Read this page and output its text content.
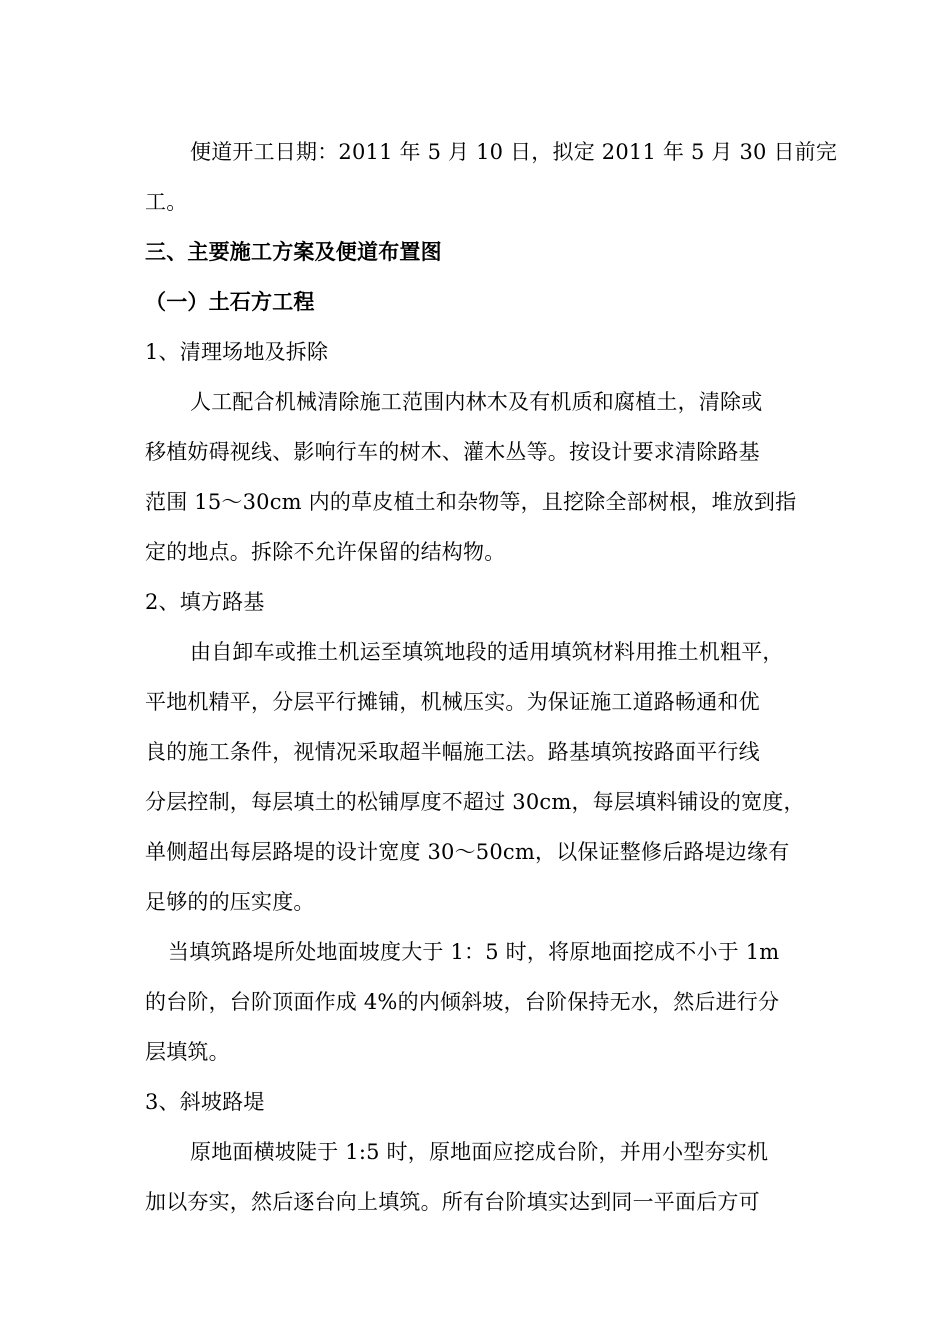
便道开工日期：2011 年 5 月 10 日，拟定 2011 年 5 月 30 日前完
工。
三、主要施工方案及便道布置图
（一）土石方工程
1、清理场地及拆除
人工配合机械清除施工范围内林木及有机质和腐植土，清除或
移植妨碍视线、影响行车的树木、灌木丛等。按设计要求清除路基
范围 15～30cm 内的草皮植土和杂物等，且挖除全部树根，堆放到指
定的地点。拆除不允许保留的结构物。
2、填方路基
由自卸车或推土机运至填筑地段的适用填筑材料用推土机粗平，
平地机精平，分层平行摊铺，机械压实。为保证施工道路畅通和优
良的施工条件，视情况采取超半幅施工法。路基填筑按路面平行线
分层控制，每层填土的松铺厚度不超过 30cm，每层填料铺设的宽度，
单侧超出每层路堤的设计宽度 30～50cm，以保证整修后路堤边缘有
足够的的压实度。
当填筑路堤所处地面坡度大于 1：5 时，将原地面挖成不小于 1m
的台阶，台阶顶面作成 4%的内倾斜坡，台阶保持无水，然后进行分
层填筑。
3、斜坡路堤
原地面横坡陡于 1:5 时，原地面应挖成台阶，并用小型夯实机
加以夯实，然后逐台向上填筑。所有台阶填实达到同一平面后方可
